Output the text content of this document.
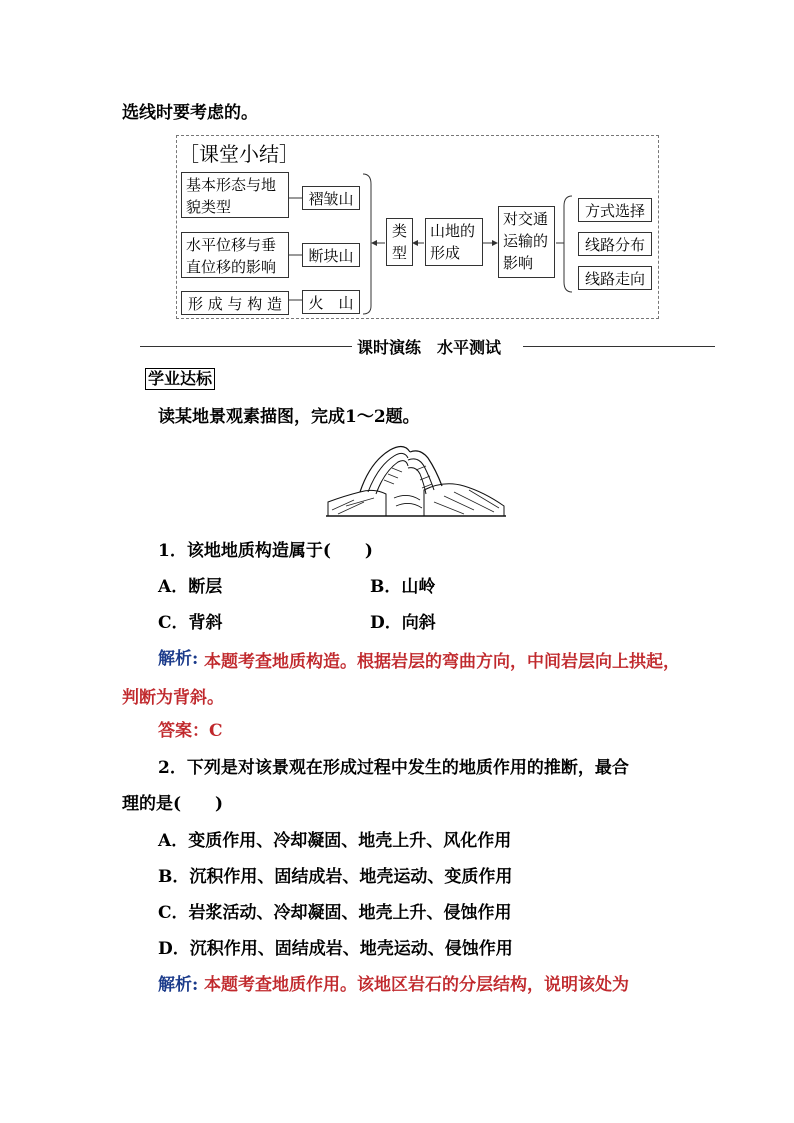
选线时要考虑的。
［课堂小结］
基本形态与地貌类型
水平位移与垂直位移的影响
形 成 与 构 造
褶皱山
断块山
火　山
类型
山地的形成
对交通运输的影响
方式选择
线路分布
线路走向
课时演练　水平测试
学业达标
读某地景观素描图，完成1～2题。
1．该地地质构造属于(　　)
A．断层	B．山岭
C．背斜	D．向斜
解析: 本题考查地质构造。根据岩层的弯曲方向，中间岩层向上拱起，判断为背斜。
答案：C
2．下列是对该景观在形成过程中发生的地质作用的推断，最合
理的是(　　)
A．变质作用、冷却凝固、地壳上升、风化作用
B．沉积作用、固结成岩、地壳运动、变质作用
C．岩浆活动、冷却凝固、地壳上升、侵蚀作用
D．沉积作用、固结成岩、地壳运动、侵蚀作用
解析: 本题考查地质作用。该地区岩石的分层结构，说明该处为
